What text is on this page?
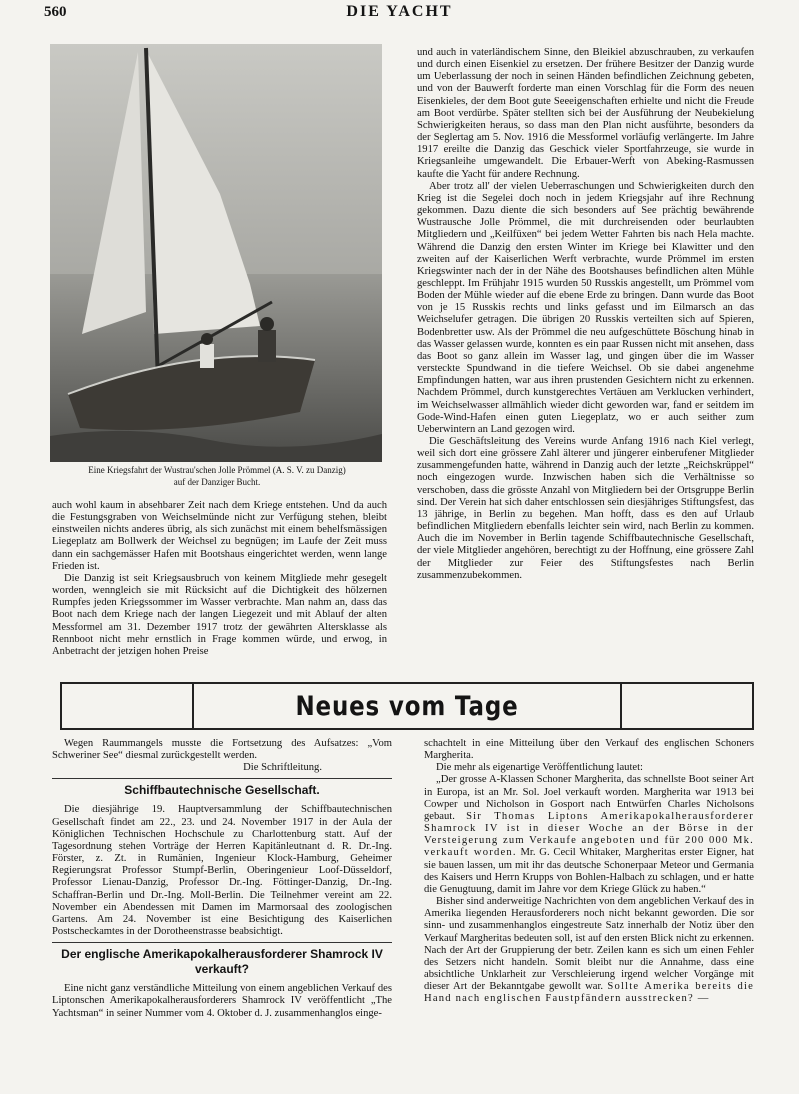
560	DIE YACHT
Eine Kriegsfahrt der Wustrau'schen Jolle Prömmel (A. S. V. zu Danzig)
auf der Danziger Bucht.

auch wohl kaum in absehbarer Zeit nach dem Kriege entstehen. Und da auch die Festungsgraben von Weichselmünde nicht zur Verfügung stehen, bleibt einstweilen nichts anderes übrig, als sich zunächst mit einem behelfsmässigen Liegeplatz am Bollwerk der Weichsel zu begnügen; im Laufe der Zeit muss dann ein sachgemässer Hafen mit Bootshaus eingerichtet werden, wenn lange Frieden ist.

Die Danzig ist seit Kriegsausbruch von keinem Mitgliede mehr gesegelt worden, wenngleich sie mit Rücksicht auf die Dichtigkeit des hölzernen Rumpfes jeden Kriegssommer im Wasser verbrachte. Man nahm an, dass das Boot nach dem Kriege nach der langen Liegezeit und mit Ablauf der alten Messformel am 31. Dezember 1917 trotz der gewährten Altersklasse als Rennboot nicht mehr ernstlich in Frage kommen würde, und erwog, in Anbetracht der jetzigen hohen Preise

und auch in vaterländischem Sinne, den Bleikiel abzuschrauben, zu verkaufen und durch einen Eisenkiel zu ersetzen. Der frühere Besitzer der Danzig wurde um Ueberlassung der noch in seinen Händen befindlichen Zeichnung gebeten, und von der Bauwerft forderte man einen Vorschlag für die Form des neuen Eisenkieles, der dem Boot gute Seeeigenschaften erhielte und nicht die Freude am Boot verdürbe. Später stellten sich bei der Ausführung der Neubekielung Schwierigkeiten heraus, so dass man den Plan nicht ausführte, besonders da der Seglertag am 5. Nov. 1916 die Messformel vorläufig verlängerte. Im Jahre 1917 ereilte die Danzig das Geschick vieler Sportfahrzeuge, sie wurde in Kriegsanleihe umgewandelt. Die Erbauer-Werft von Abeking-Rasmussen kaufte die Yacht für andere Rechnung.

Aber trotz all' der vielen Ueberraschungen und Schwierigkeiten durch den Krieg ist die Segelei doch noch in jedem Kriegsjahr auf ihre Rechnung gekommen. Dazu diente die sich besonders auf See prächtig bewährende Wustrausche Jolle Prömmel, die mit durchreisenden oder beurlaubten Mitgliedern und „Keilfüxen“ bei jedem Wetter Fahrten bis nach Hela machte. Während die Danzig den ersten Winter im Kriege bei Klawitter und den zweiten auf der Kaiserlichen Werft verbrachte, wurde Prömmel im ersten Kriegswinter nach der in der Nähe des Bootshauses befindlichen alten Mühle geschleppt. Im Frühjahr 1915 wurden 50 Russkis angestellt, um Prömmel vom Boden der Mühle wieder auf die ebene Erde zu bringen. Dann wurde das Boot von je 15 Russkis rechts und links gefasst und im Eilmarsch an das Weichselufer getragen. Die übrigen 20 Russkis verteilten sich auf Spieren, Bodenbretter usw. Als der Prömmel die neu aufgeschüttete Böschung hinab in das Wasser gelassen wurde, konnten es ein paar Russen nicht mit ansehen, dass das Boot so ganz allein im Wasser lag, und gingen über die im Wasser versteckte Spundwand in die tiefere Weichsel. Ob sie dabei angenehme Empfindungen hatten, war aus ihren prustenden Gesichtern nicht zu erkennen. Nachdem Prömmel, durch kunstgerechtes Vertäuen am Verklucken verhindert, im Weichselwasser allmählich wieder dicht geworden war, fand er seitdem im Gode-Wind-Hafen einen guten Liegeplatz, wo er auch seither zum Ueberwintern an Land gezogen wird.

Die Geschäftsleitung des Vereins wurde Anfang 1916 nach Kiel verlegt, weil sich dort eine grössere Zahl älterer und jüngerer einberufener Mitglieder zusammengefunden hatte, während in Danzig auch der letzte „Reichskrüppel“ noch eingezogen wurde. Inzwischen haben sich die Verhältnisse so verschoben, dass die grösste Anzahl von Mitgliedern bei der Ortsgruppe Berlin sind. Der Verein hat sich daher entschlossen sein diesjähriges Stiftungsfest, das 13 jährige, in Berlin zu begehen. Man hofft, dass es den auf Urlaub befindlichen Mitgliedern ebenfalls leichter sein wird, nach Berlin zu kommen. Auch die im November in Berlin tagende Schiffbautechnische Gesellschaft, der viele Mitglieder angehören, berechtigt zu der Hoffnung, eine grössere Zahl der Mitglieder zur Feier des Stiftungsfestes nach Berlin zusammenzubekommen.

Neues vom Tage

Wegen Raummangels musste die Fortsetzung des Aufsatzes: „Vom Schweriner See“ diesmal zurückgestellt werden.

Die Schriftleitung.
Schiffbautechnische Gesellschaft.

Die diesjährige 19. Hauptversammlung der Schiffbautechnischen Gesellschaft findet am 22., 23. und 24. November 1917 in der Aula der Königlichen Technischen Hochschule zu Charlottenburg statt. Auf der Tagesordnung stehen Vorträge der Herren Kapitänleutnant d. R. Dr.-Ing. Förster, z. Zt. in Rumänien, Ingenieur Klock-Hamburg, Geheimer Regierungsrat Professor Stumpf-Berlin, Oberingenieur Loof-Düsseldorf, Professor Lienau-Danzig, Professor Dr.-Ing. Föttinger-Danzig, Dr.-Ing. Schaffran-Berlin und Dr.-Ing. Moll-Berlin. Die Teilnehmer vereint am 22. November ein Abendessen mit Damen im Marmorsaal des zoologischen Gartens. Am 24. November ist eine Besichtigung des Kaiserlichen Postscheckamtes in der Dorotheenstrasse beabsichtigt.

Der englische Amerikapokalherausforderer Shamrock IV verkauft?

Eine nicht ganz verständliche Mitteilung von einem angeblichen Verkauf des Liptonschen Amerikapokalherausforderers Shamrock IV veröffentlicht „The Yachtsman“ in seiner Nummer vom 4. Oktober d. J. zusammenhanglos einge-

schachtelt in eine Mitteilung über den Verkauf des englischen Schoners Margherita.

Die mehr als eigenartige Veröffentlichung lautet:

„Der grosse A-Klassen Schoner Margherita, das schnellste Boot seiner Art in Europa, ist an Mr. Sol. Joel verkauft worden. Margherita war 1913 bei Cowper und Nicholson in Gosport nach Entwürfen Charles Nicholsons gebaut. Sir Thomas Liptons Amerikapokalherausforderer Shamrock IV ist in dieser Woche an der Börse in der Versteigerung zum Verkaufe angeboten und für 200 000 Mk. verkauft worden. Mr. G. Cecil Whitaker, Margheritas erster Eigner, hat sie bauen lassen, um mit ihr das deutsche Schonerpaar Meteor und Germania des Kaisers und Herrn Krupps von Bohlen-Halbach zu schlagen, und er hatte die Genugtuung, damit im Jahre vor dem Kriege Glück zu haben.“

Bisher sind anderweitige Nachrichten von dem angeblichen Verkauf des in Amerika liegenden Herausforderers noch nicht bekannt geworden. Die sor sinn- und zusammenhanglos eingestreute Satz innerhalb der Notiz über den Verkauf Margheritas bedeuten soll, ist auf den ersten Blick nicht zu erkennen. Nach der Art der Gruppierung der betr. Zeilen kann es sich um einen Fehler des Setzers nicht handeln. Somit bleibt nur die Annahme, dass eine absichtliche Unklarheit zur Verschleierung irgend welcher Vorgänge mit dieser Art der Bekanntgabe gewollt war. Sollte Amerika bereits die Hand nach englischen Faustpfändern ausstrecken? —
